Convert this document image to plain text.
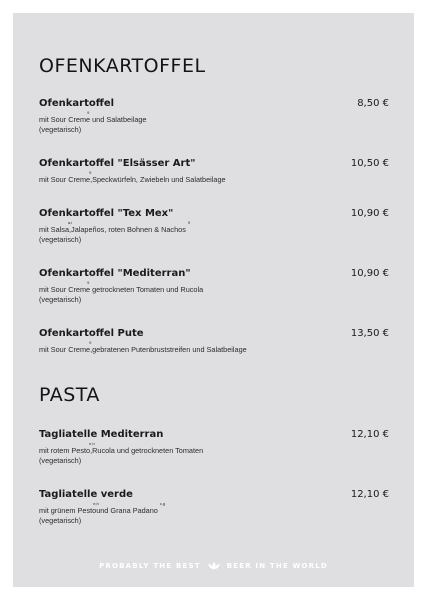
OFENKARTOFFEL
Ofenkartoffel	8,50 €
mit Sour Creme
9
und Salatbeilage
(vegetarisch)
Ofenkartoffel "Elsässer Art"	10,50 €
mit Sour Creme,
9
Speckwürfeln, Zwiebeln und Salatbeilage
Ofenkartoffel "Tex Mex"	10,90 €
mit Salsa,
a,i
Jalapeños, roten Bohnen & Nachos
9

(vegetarisch)
Ofenkartoffel "Mediterran"	10,90 €
mit Sour Creme
9
getrockneten Tomaten und Rucola
(vegetarisch)
Ofenkartoffel Pute	13,50 €
mit Sour Creme,
9
gebratenen Putenbruststreifen und Salatbeilage
PASTA
Tagliatelle Mediterran	12,10 €
mit rotem Pesto,
e,h
Rucola und getrockneten Tomaten
(vegetarisch)
Tagliatelle verde	12,10 €
mit grünem Pesto
e,h
und Grana Padano
c,g

(vegetarisch)
PROBABLY THE BEST	BEER IN THE WORLD
